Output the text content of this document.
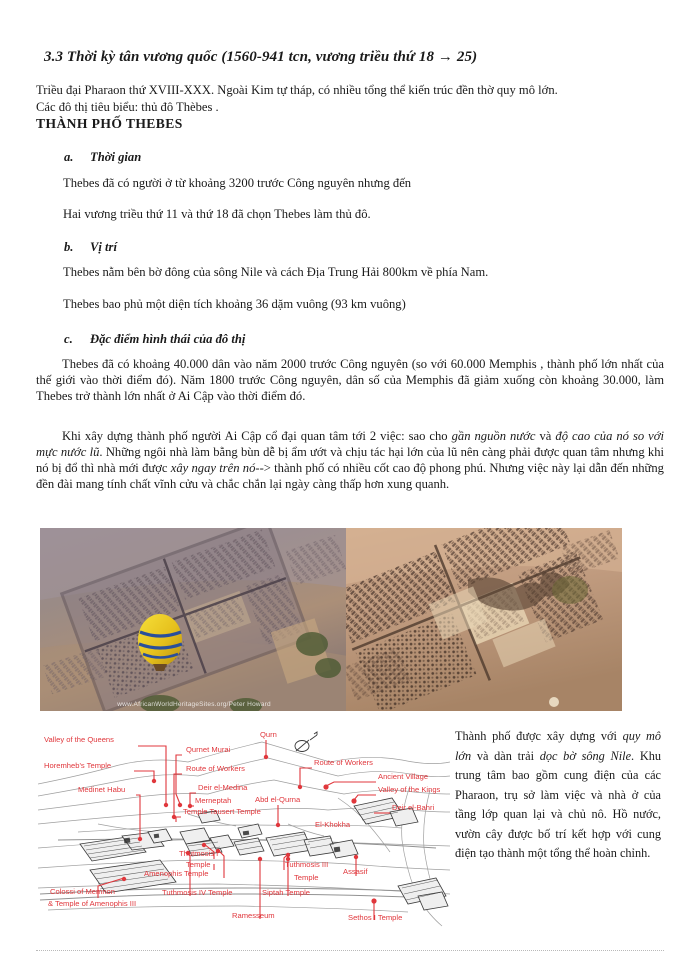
3.3 Thời kỳ tân vương quốc (1560-941 tcn, vương triều thứ 18 → 25)
Triều đại Pharaon thứ XVIII-XXX. Ngoài Kim tự tháp, có nhiều tổng thể kiến trúc đền thờ quy mô lớn.
Các đô thị tiêu biểu: thủ đô Thèbes .
THÀNH PHỐ THEBES
a. Thời gian
Thebes đã có người ở từ khoảng 3200 trước Công nguyên nhưng đến
Hai vương triều thứ 11 và thứ 18 đã chọn Thebes làm thủ đô.
b. Vị trí
Thebes nằm bên bờ đông của sông Nile và cách Địa Trung Hải 800km về phía Nam.
Thebes bao phủ một diện tích khoảng 36 dặm vuông (93 km vuông)
c. Đặc điểm hình thái của đô thị
Thebes đã có khoảng 40.000 dân vào năm 2000 trước Công nguyên (so với 60.000 Memphis , thành phố lớn nhất của thế giới vào thời điểm đó). Năm 1800 trước Công nguyên, dân số của Memphis đã giảm xuống còn khoảng 30.000, làm Thebes trở thành lớn nhất ở Ai Cập vào thời điểm đó.
Khi xây dựng thành phố người Ai Cập cổ đại quan tâm tới 2 việc: sao cho gần nguồn nước và độ cao của nó so với mực nước lũ. Những ngôi nhà làm bằng bùn dễ bị ẩm ướt và chịu tác hại lớn của lũ nên càng phải được quan tâm nhưng khi nó bị đổ thì nhà mới được xây ngay trên nó--> thành phố có nhiều cốt cao độ phong phú. Nhưng việc này lại dẫn đến những đền đài mang tính chất vĩnh cửu và chắc chắn lại ngày càng thấp hơn xung quanh.
www.AfricanWorldHeritageSites.org/Peter Howard
Valley of the Queens
Horemheb's Temple
Medinet Habu
Qurnet Murai
Route of Workers
Deir el-Medina
Merneptah
Temple Tausert Temple
Qurn
Route of Workers
Ancient Village
Valley of the Kings
Abd el-Qurna
Deir el-Bahri
El-Khokha
Thutmosis I
Temple
Amenophis Temple
Tuthmosis III
Temple
Assasif
Tuthmosis IV Temple	Siptah Temple
Colossi of Memnon
& Temple of Amenophis III
Ramesseum	Sethos I Temple
Thành phố được xây dựng với quy mô lớn và dàn trải dọc bờ sông Nile. Khu trung tâm bao gồm cung điện của các Pharaon, trụ sở làm việc và nhà ở của tầng lớp quan lại và chủ nô. Hồ nước, vườn cây được bố trí kết hợp với cung điện tạo thành một tổng thể hoàn chỉnh.
